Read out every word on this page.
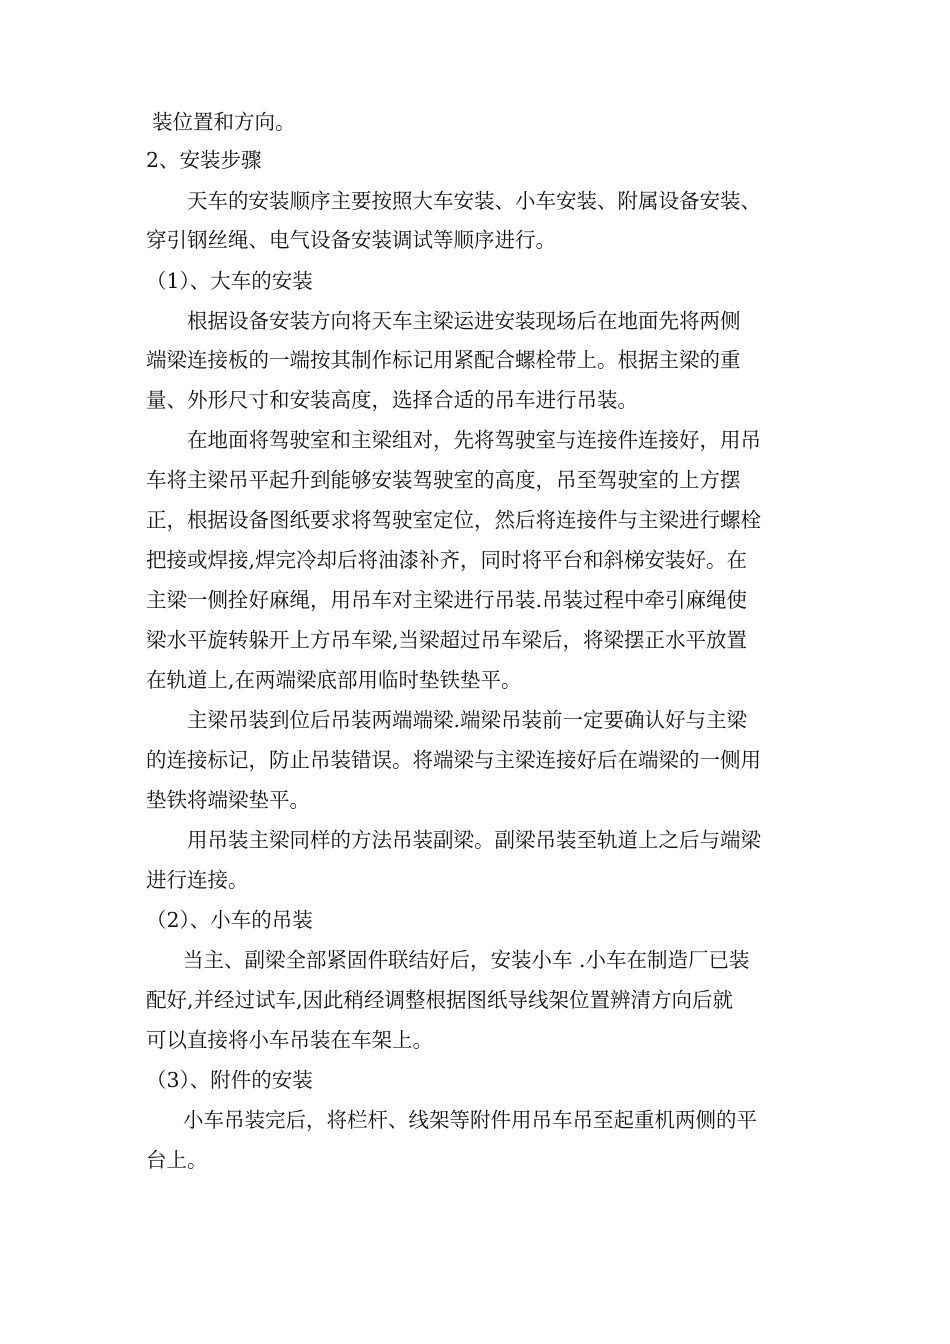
装位置和方向。
2、安装步骤
天车的安装顺序主要按照大车安装、小车安装、附属设备安装、
穿引钢丝绳、电气设备安装调试等顺序进行。
（1）、大车的安装
根据设备安装方向将天车主梁运进安装现场后在地面先将两侧
端梁连接板的一端按其制作标记用紧配合螺栓带上。根据主梁的重
量、外形尺寸和安装高度，选择合适的吊车进行吊装。
在地面将驾驶室和主梁组对，先将驾驶室与连接件连接好，用吊
车将主梁吊平起升到能够安装驾驶室的高度，吊至驾驶室的上方摆
正，根据设备图纸要求将驾驶室定位，然后将连接件与主梁进行螺栓
把接或焊接,焊完冷却后将油漆补齐，同时将平台和斜梯安装好。在
主梁一侧拴好麻绳，用吊车对主梁进行吊装.吊装过程中牵引麻绳使
梁水平旋转躲开上方吊车梁,当梁超过吊车梁后，将梁摆正水平放置
在轨道上,在两端梁底部用临时垫铁垫平。
主梁吊装到位后吊装两端端梁.端梁吊装前一定要确认好与主梁
的连接标记，防止吊装错误。将端梁与主梁连接好后在端梁的一侧用
垫铁将端梁垫平。
用吊装主梁同样的方法吊装副梁。副梁吊装至轨道上之后与端梁
进行连接。
（2）、小车的吊装
当主、副梁全部紧固件联结好后，安装小车 .小车在制造厂已装
配好,并经过试车,因此稍经调整根据图纸导线架位置辨清方向后就
可以直接将小车吊装在车架上。
（3）、附件的安装
小车吊装完后，将栏杆、线架等附件用吊车吊至起重机两侧的平
台上。
